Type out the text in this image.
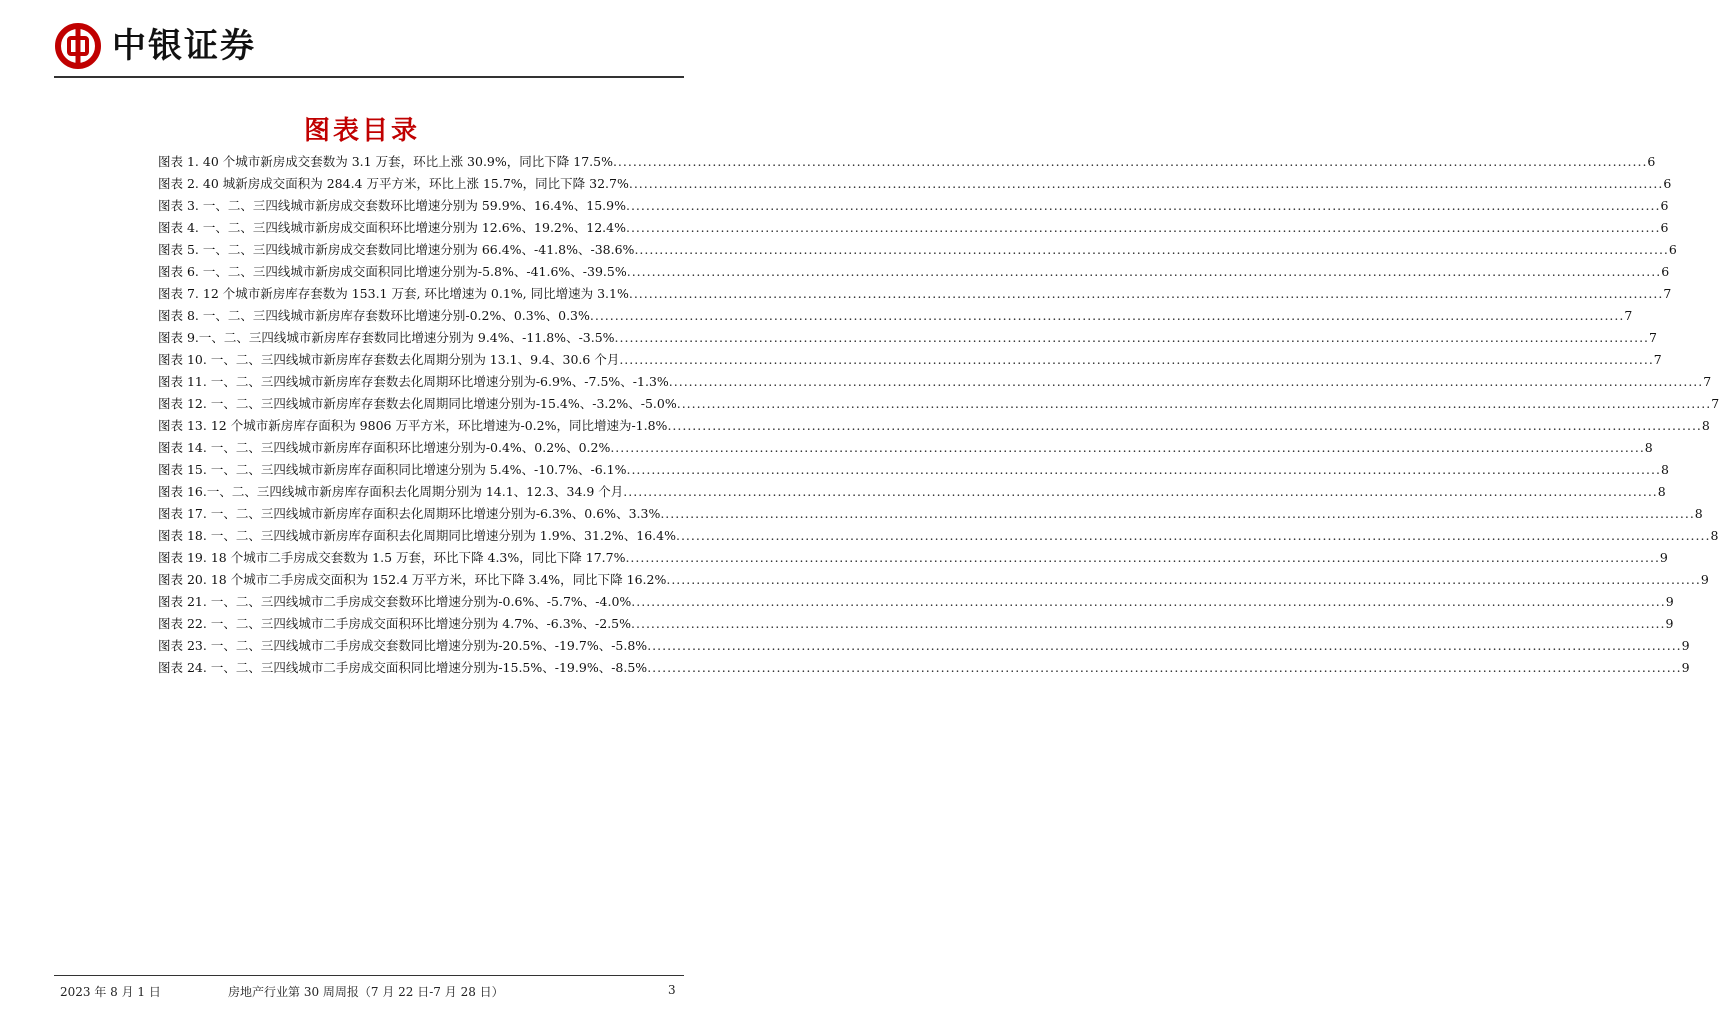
中银证券
图表目录
图表 1. 40 个城市新房成交套数为 3.1 万套，环比上涨 30.9%，同比下降 17.5% .....	6
图表 2. 40 城新房成交面积为 284.4 万平方米，环比上涨 15.7%，同比下降 32.7% .....	6
图表 3. 一、二、三四线城市新房成交套数环比增速分别为 59.9%、16.4%、15.9% .....	6
图表 4. 一、二、三四线城市新房成交面积环比增速分别为 12.6%、19.2%、12.4% .....	6
图表 5. 一、二、三四线城市新房成交套数同比增速分别为 66.4%、-41.8%、-38.6% .....	6
图表 6. 一、二、三四线城市新房成交面积同比增速分别为-5.8%、-41.6%、-39.5% .....	6
图表 7. 12 个城市新房库存套数为 153.1 万套, 环比增速为 0.1%, 同比增速为 3.1% .....	7
图表 8. 一、二、三四线城市新房库存套数环比增速分别-0.2%、0.3%、0.3% .....	7
图表 9.一、二、三四线城市新房库存套数同比增速分别为 9.4%、-11.8%、-3.5% .....	7
图表 10. 一、二、三四线城市新房库存套数去化周期分别为 13.1、9.4、30.6 个月 .....	7
图表 11. 一、二、三四线城市新房库存套数去化周期环比增速分别为-6.9%、-7.5%、-1.3% .....	7
图表 12. 一、二、三四线城市新房库存套数去化周期同比增速分别为-15.4%、-3.2%、-5.0% .....	7
图表 13. 12 个城市新房库存面积为 9806 万平方米，环比增速为-0.2%，同比增速为-1.8% .....	8
图表 14. 一、二、三四线城市新房库存面积环比增速分别为-0.4%、0.2%、0.2% .....	8
图表 15. 一、二、三四线城市新房库存面积同比增速分别为 5.4%、-10.7%、-6.1% .....	8
图表 16.一、二、三四线城市新房库存面积去化周期分别为 14.1、12.3、34.9 个月 .....	8
图表 17. 一、二、三四线城市新房库存面积去化周期环比增速分别为-6.3%、0.6%、3.3% .....	8
图表 18. 一、二、三四线城市新房库存面积去化周期同比增速分别为 1.9%、31.2%、16.4% .....	8
图表 19. 18 个城市二手房成交套数为 1.5 万套，环比下降 4.3%，同比下降 17.7% .....	9
图表 20. 18 个城市二手房成交面积为 152.4 万平方米，环比下降 3.4%，同比下降 16.2% .....	9
图表 21. 一、二、三四线城市二手房成交套数环比增速分别为-0.6%、-5.7%、-4.0% .....	9
图表 22. 一、二、三四线城市二手房成交面积环比增速分别为 4.7%、-6.3%、-2.5% .....	9
图表 23. 一、二、三四线城市二手房成交套数同比增速分别为-20.5%、-19.7%、-5.8% .....	9
图表 24. 一、二、三四线城市二手房成交面积同比增速分别为-15.5%、-19.9%、-8.5% .....	9
2023 年 8 月 1 日	房地产行业第 30 周周报（7 月 22 日-7 月 28 日）	3
